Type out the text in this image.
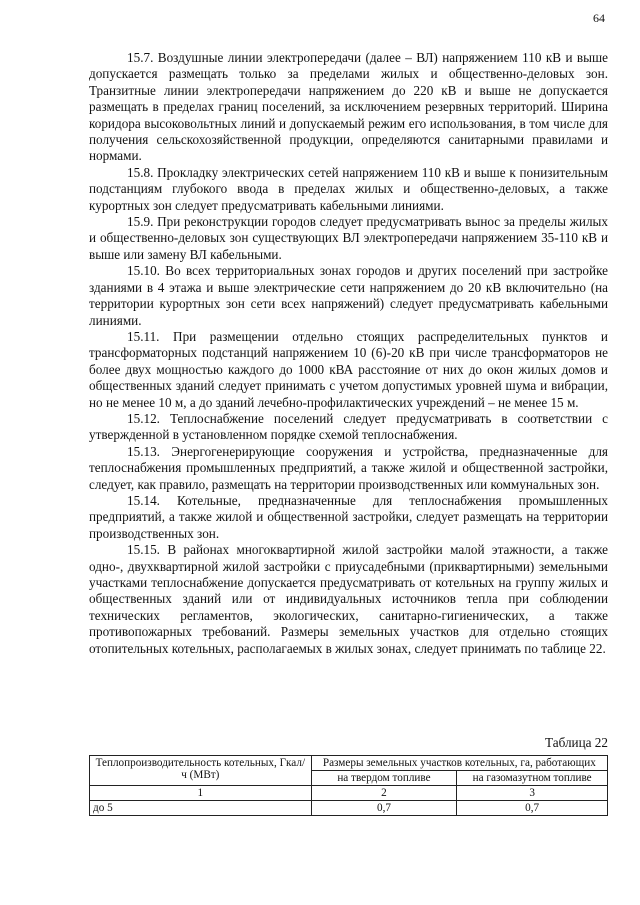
64

15.7. Воздушные линии электропередачи (далее – ВЛ) напряжением 110 кВ и выше допускается размещать только за пределами жилых и общественно-деловых зон. Транзитные линии электропередачи напряжением до 220 кВ и выше не допускается размещать в пределах границ поселений, за исключением резервных территорий. Ширина коридора высоковольтных линий и допускаемый режим его использования, в том числе для получения сельскохозяйственной продукции, определяются санитарными правилами и нормами.

15.8. Прокладку электрических сетей напряжением 110 кВ и выше к понизительным подстанциям глубокого ввода в пределах жилых и общественно-деловых, а также курортных зон следует предусматривать кабельными линиями.

15.9. При реконструкции городов следует предусматривать вынос за пределы жилых и общественно-деловых зон существующих ВЛ электропередачи напряжением 35-110 кВ и выше или замену ВЛ кабельными.

15.10. Во всех территориальных зонах городов и других поселений при застройке зданиями в 4 этажа и выше электрические сети напряжением до 20 кВ включительно (на территории курортных зон сети всех напряжений) следует предусматривать кабельными линиями.

15.11. При размещении отдельно стоящих распределительных пунктов и трансформаторных подстанций напряжением 10 (6)-20 кВ при числе трансформаторов не более двух мощностью каждого до 1000 кВА расстояние от них до окон жилых домов и общественных зданий следует принимать с учетом допустимых уровней шума и вибрации, но не менее 10 м, а до зданий лечебно-профилактических учреждений – не менее 15 м.

15.12. Теплоснабжение поселений следует предусматривать в соответствии с утвержденной в установленном порядке схемой теплоснабжения.

15.13. Энергогенерирующие сооружения и устройства, предназначенные для теплоснабжения промышленных предприятий, а также жилой и общественной застройки, следует, как правило, размещать на территории производственных или коммунальных зон.

15.14. Котельные, предназначенные для теплоснабжения промышленных предприятий, а также жилой и общественной застройки, следует размещать на территории производственных зон.

15.15. В районах многоквартирной жилой застройки малой этажности, а также одно-, двухквартирной жилой застройки с приусадебными (приквартирными) земельными участками теплоснабжение допускается предусматривать от котельных на группу жилых и общественных зданий или от индивидуальных источников тепла при соблюдении технических регламентов, экологических, санитарно-гигиенических, а также противопожарных требований. Размеры земельных участков для отдельно стоящих отопительных котельных, располагаемых в жилых зонах, следует принимать по таблице 22.

Таблица 22
Теплопроизводительность котельных, Гкал/ч (МВт)	Размеры земельных участков котельных, га, работающих	
	на твердом топливе	на газомазутном топливе
1	2	3
до 5	0,7	0,7
